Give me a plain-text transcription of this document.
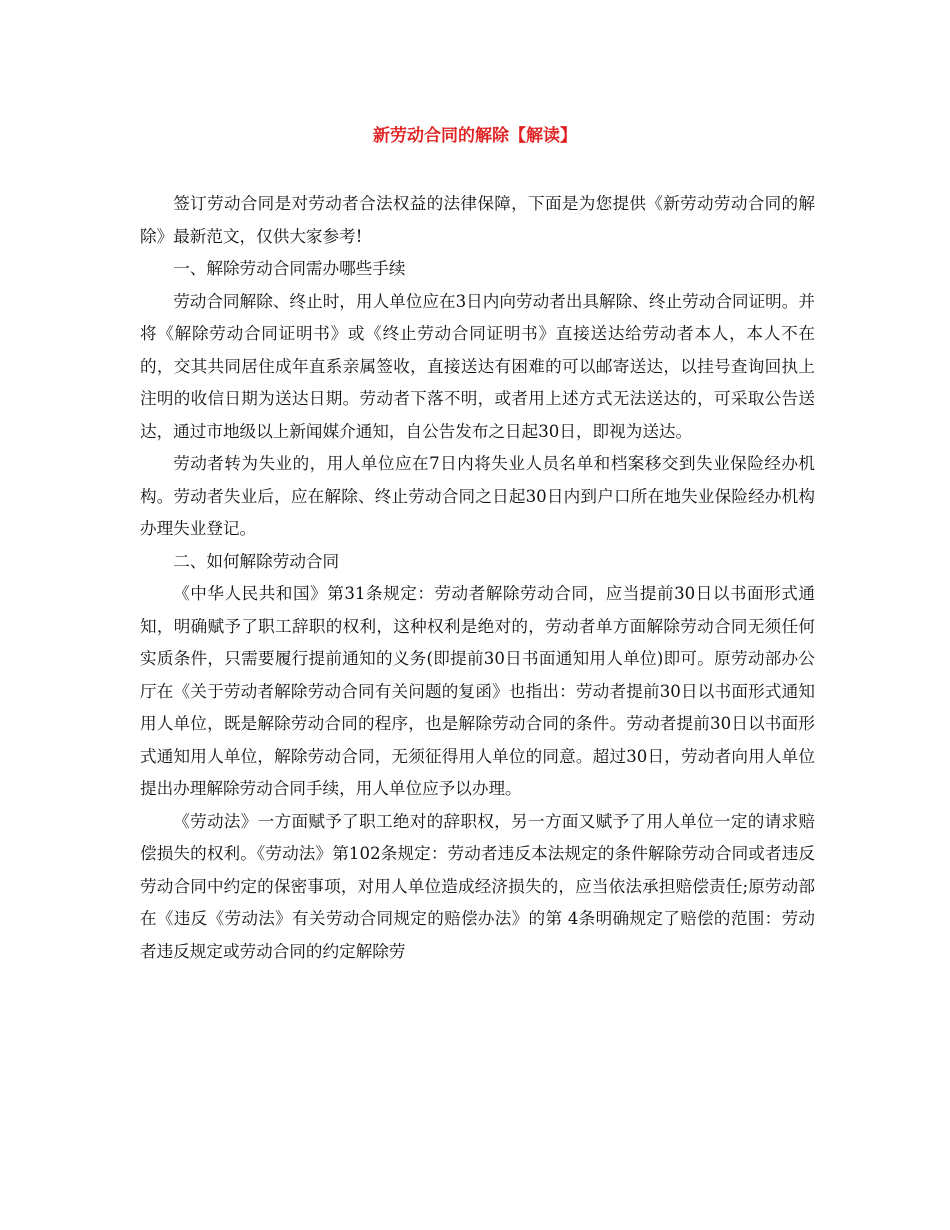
新劳动合同的解除【解读】

签订劳动合同是对劳动者合法权益的法律保障，下面是为您提供《新劳动劳动合同的解除》最新范文，仅供大家参考!

一、解除劳动合同需办哪些手续

劳动合同解除、终止时，用人单位应在3日内向劳动者出具解除、终止劳动合同证明。并将《解除劳动合同证明书》或《终止劳动合同证明书》直接送达给劳动者本人，本人不在的，交其共同居住成年直系亲属签收，直接送达有困难的可以邮寄送达，以挂号查询回执上注明的收信日期为送达日期。劳动者下落不明，或者用上述方式无法送达的，可采取公告送达，通过市地级以上新闻媒介通知，自公告发布之日起30日，即视为送达。

劳动者转为失业的，用人单位应在7日内将失业人员名单和档案移交到失业保险经办机构。劳动者失业后，应在解除、终止劳动合同之日起30日内到户口所在地失业保险经办机构办理失业登记。

二、如何解除劳动合同

《中华人民共和国》第31条规定：劳动者解除劳动合同，应当提前30日以书面形式通知，明确赋予了职工辞职的权利，这种权利是绝对的，劳动者单方面解除劳动合同无须任何实质条件，只需要履行提前通知的义务(即提前30日书面通知用人单位)即可。原劳动部办公厅在《关于劳动者解除劳动合同有关问题的复函》也指出：劳动者提前30日以书面形式通知用人单位，既是解除劳动合同的程序，也是解除劳动合同的条件。劳动者提前30日以书面形式通知用人单位，解除劳动合同，无须征得用人单位的同意。超过30日，劳动者向用人单位提出办理解除劳动合同手续，用人单位应予以办理。

《劳动法》一方面赋予了职工绝对的辞职权，另一方面又赋予了用人单位一定的请求赔偿损失的权利。《劳动法》第102条规定：劳动者违反本法规定的条件解除劳动合同或者违反劳动合同中约定的保密事项，对用人单位造成经济损失的，应当依法承担赔偿责任;原劳动部在《违反《劳动法》有关劳动合同规定的赔偿办法》的第 4条明确规定了赔偿的范围：劳动者违反规定或劳动合同的约定解除劳
